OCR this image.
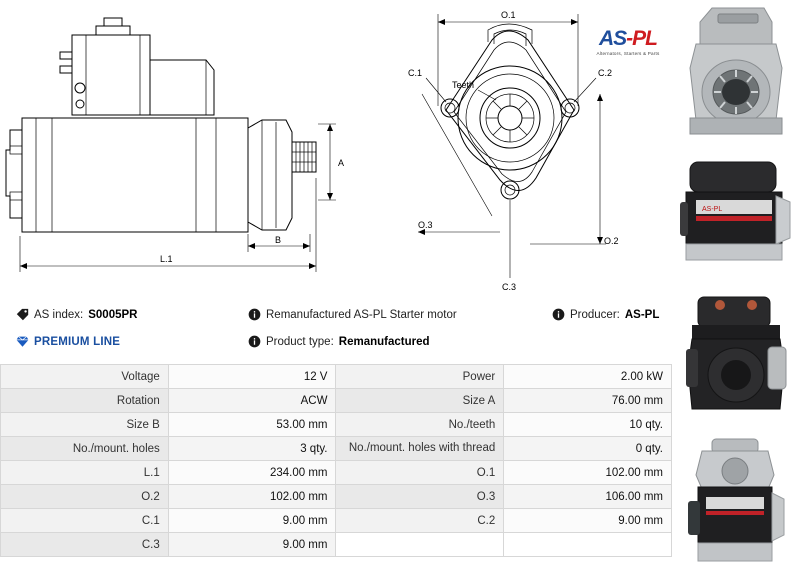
A
B
L.1
O.1
C.1	C.2
C.3
Teeth
O.3
O.2
AS-PL
AS index: S0005PR	Remanufactured AS-PL Starter motor	Producer: AS-PL
PREMIUM LINE	Product type: Remanufactured
AS-PL
Alternators, Starters & Parts
Voltage	12 V	Power	2.00 kW
Rotation	ACW	Size A	76.00 mm
Size B	53.00 mm	No./teeth	10 qty.
No./mount. holes	3 qty.	No./mount. holes with thread	0 qty.
L.1	234.00 mm	O.1	102.00 mm
O.2	102.00 mm	O.3	106.00 mm
C.1	9.00 mm	C.2	9.00 mm
C.3	9.00 mm		
